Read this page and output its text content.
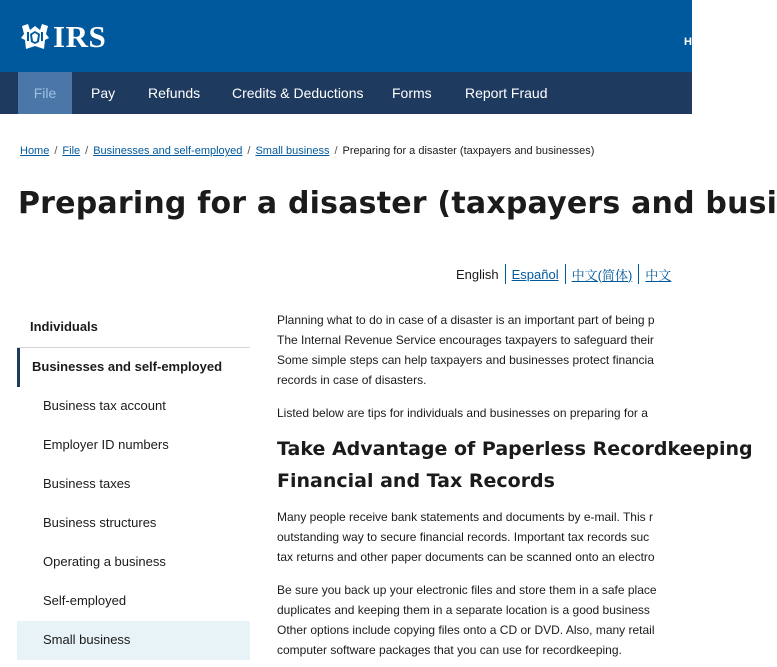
IRS	H
File	Pay Refunds Credits & Deductions Forms Report Fraud
Home / File / Businesses and self-employed / Small business / Preparing for a disaster (taxpayers and businesses)
Preparing for a disaster (taxpayers and busi
English Español 中文(简体) 中文
Individuals
Businesses and self-employed
Business tax account
Employer ID numbers
Business taxes
Business structures
Operating a business
Self-employed
Small business
Planning what to do in case of a disaster is an important part of being p
The Internal Revenue Service encourages taxpayers to safeguard their
Some simple steps can help taxpayers and businesses protect financia
records in case of disasters.
Listed below are tips for individuals and businesses on preparing for a
Take Advantage of Paperless Recordkeeping
Financial and Tax Records
Many people receive bank statements and documents by e-mail. This r
outstanding way to secure financial records. Important tax records suc
tax returns and other paper documents can be scanned onto an electro
Be sure you back up your electronic files and store them in a safe place
duplicates and keeping them in a separate location is a good business
Other options include copying files onto a CD or DVD. Also, many retail
computer software packages that you can use for recordkeeping.
